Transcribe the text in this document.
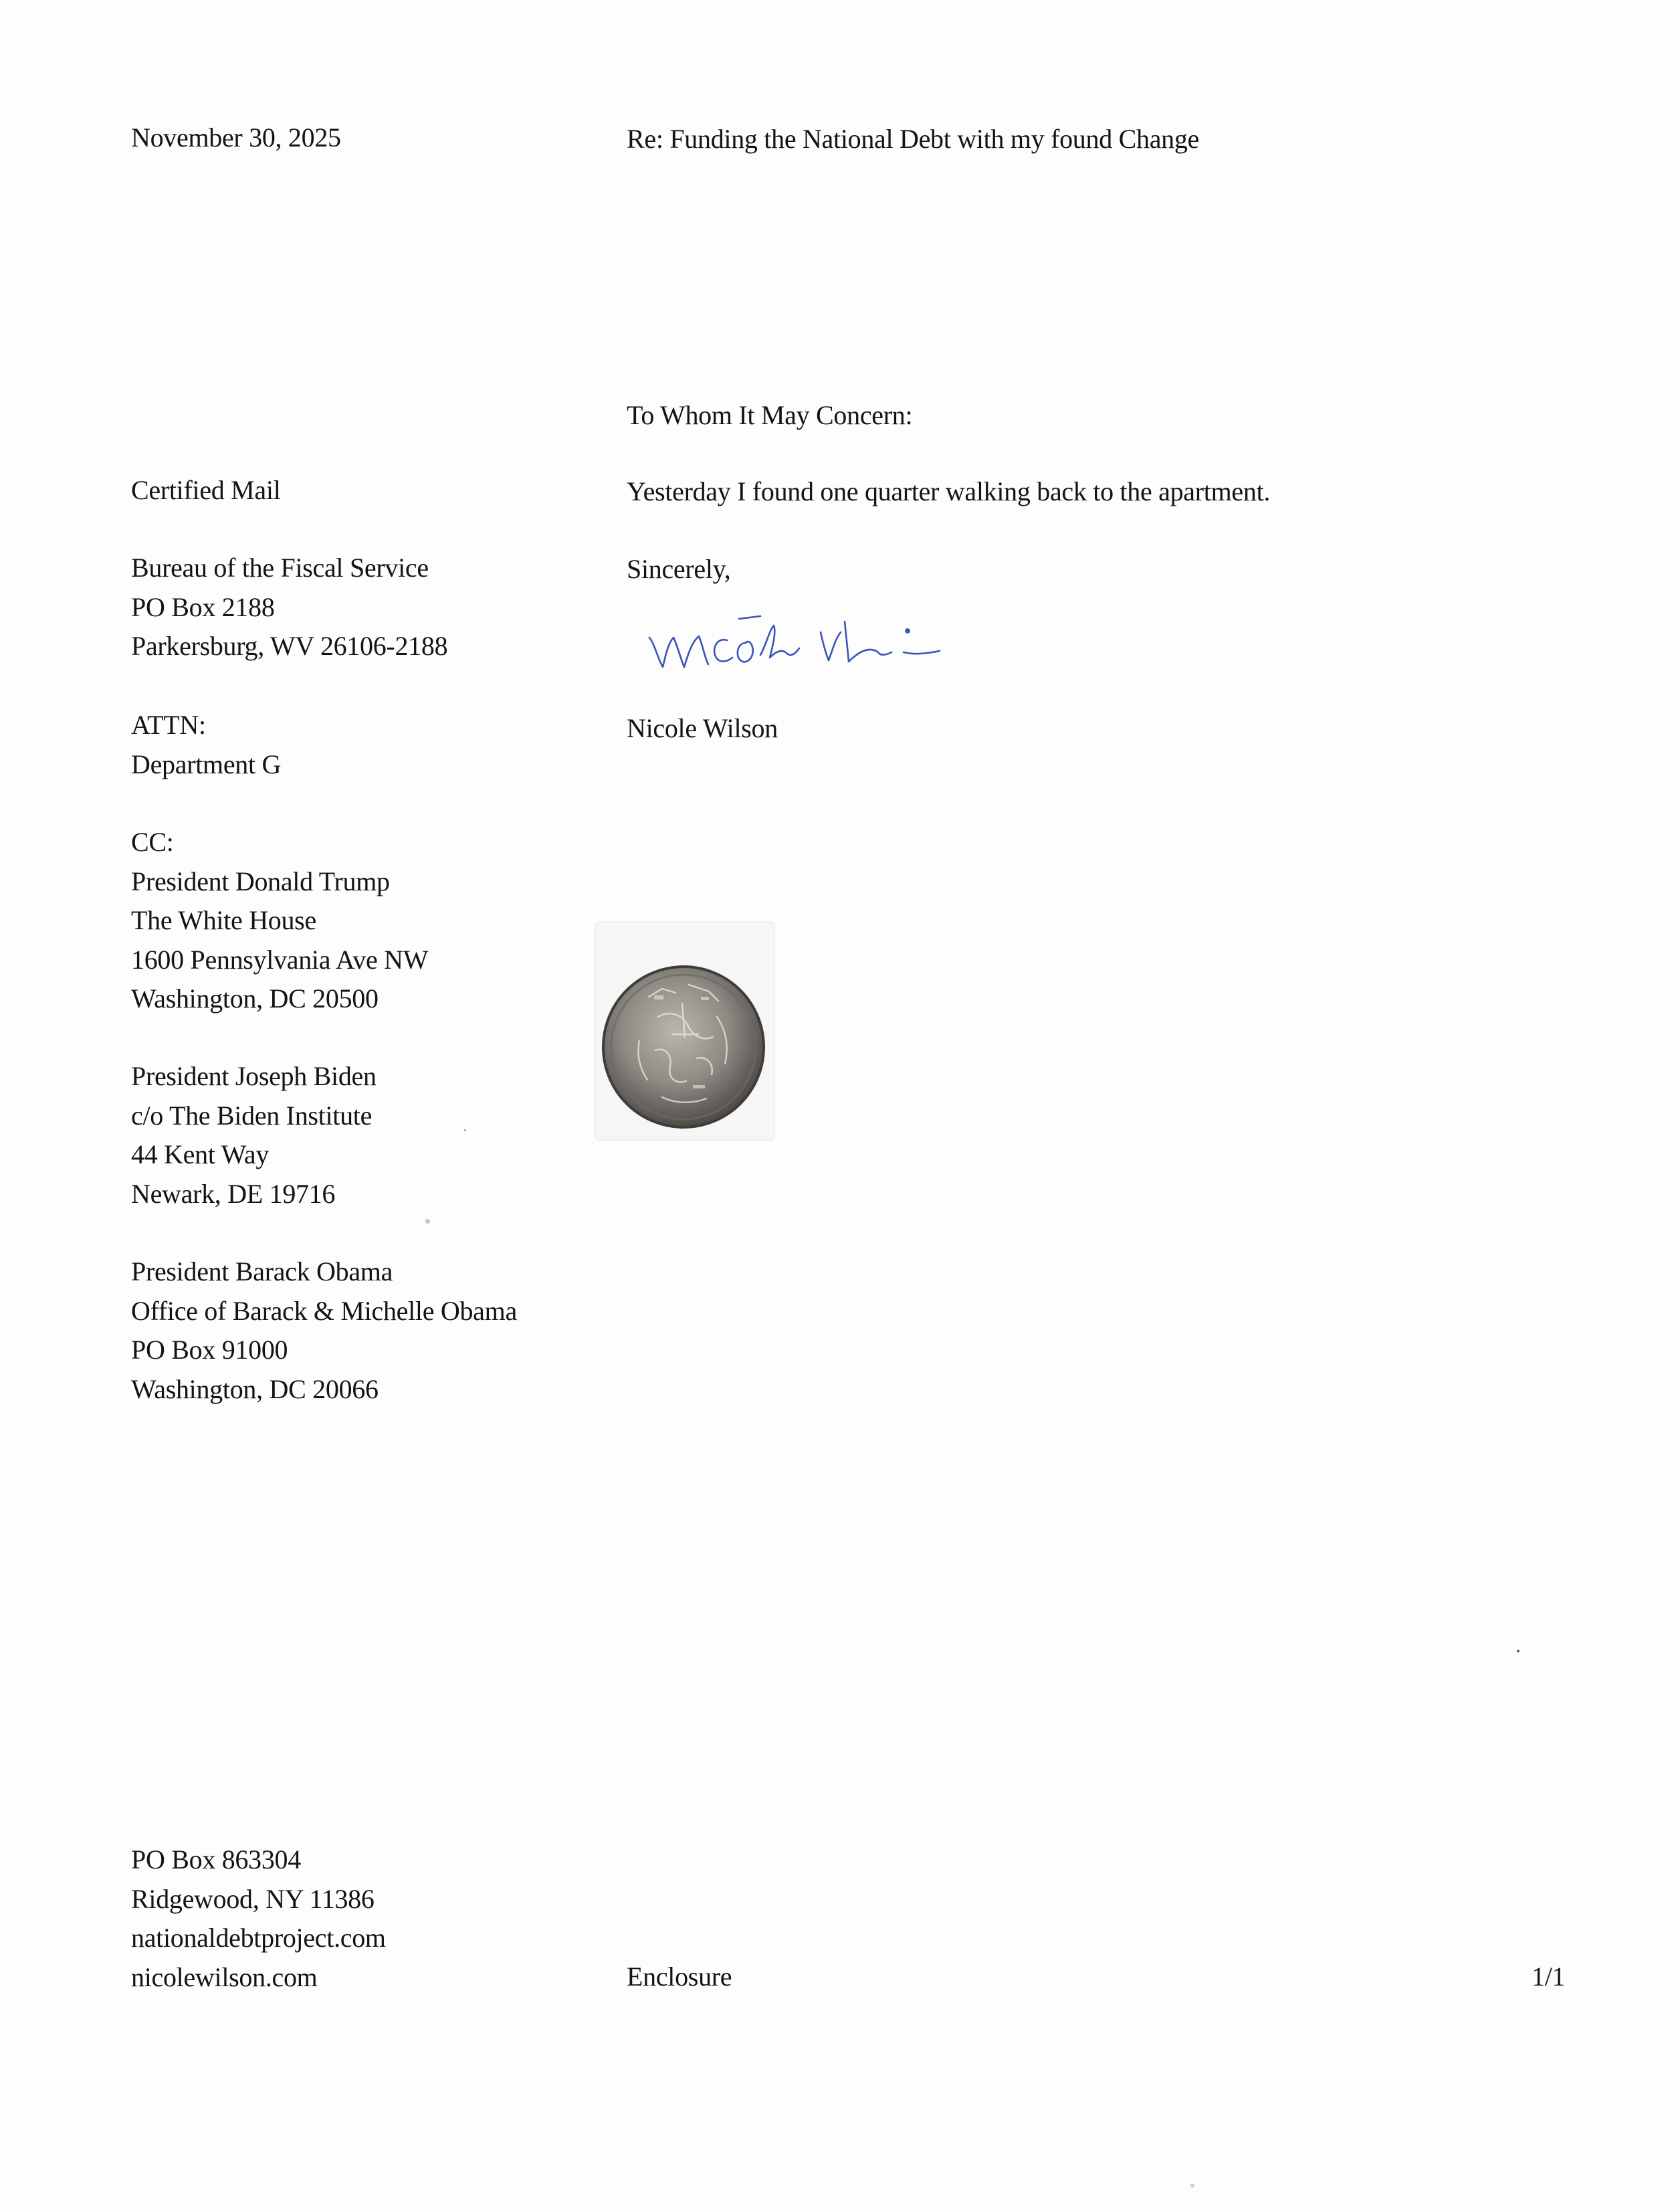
November 30, 2025	Re: Funding the National Debt with my found Change
To Whom It May Concern:
Yesterday I found one quarter walking back to the apartment.
Sincerely,
Nicole Wilson
Certified Mail
Bureau of the Fiscal Service
PO Box 2188
Parkersburg, WV 26106-2188
ATTN:
Department G
CC:
President Donald Trump
The White House
1600 Pennsylvania Ave NW
Washington, DC 20500
President Joseph Biden
c/o The Biden Institute
44 Kent Way
Newark, DE 19716
President Barack Obama
Office of Barack & Michelle Obama
PO Box 91000
Washington, DC 20066
PO Box 863304
Ridgewood, NY 11386
nationaldebtproject.com
nicolewilson.com	Enclosure	1/1
